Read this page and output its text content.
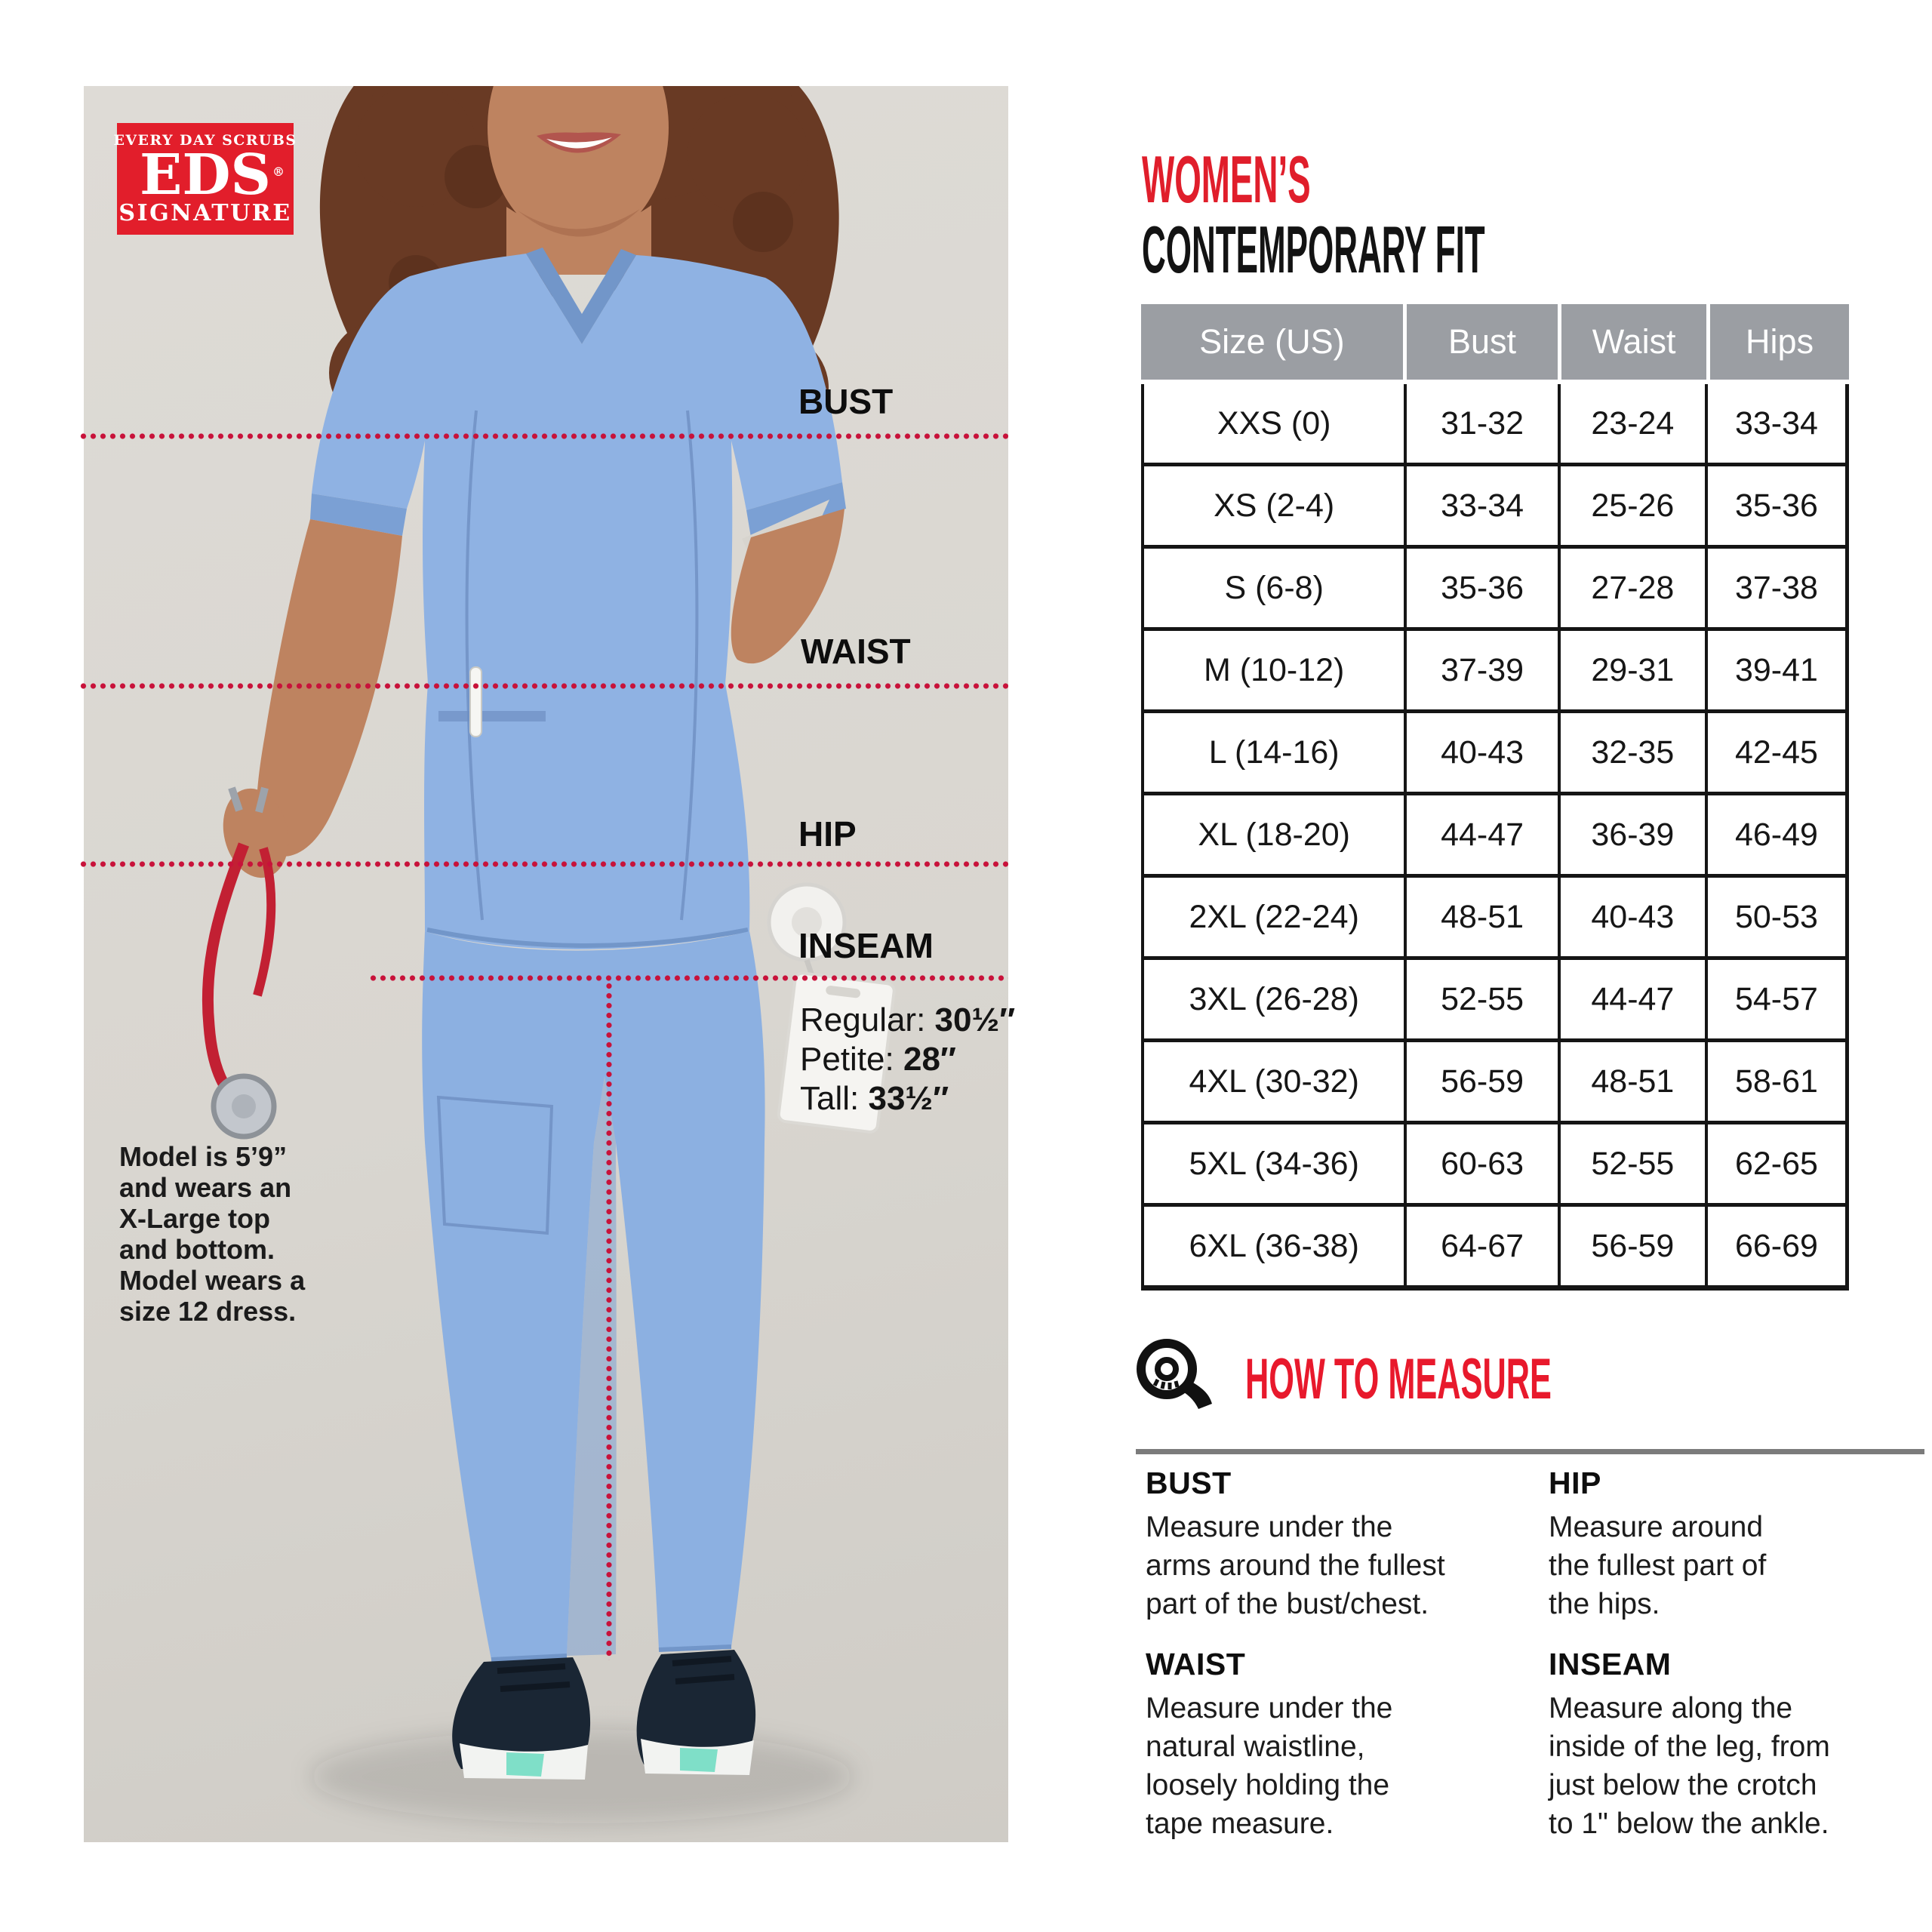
EVERY DAY SCRUBS
EDS ®
SIGNATURE
BUST
WAIST
HIP
INSEAM
Regular: 30½″
Petite: 28″
Tall: 33½″
Model is 5’9”
and wears an
X-Large top
and bottom.
Model wears a
size 12 dress.
WOMEN’S
CONTEMPORARY FIT
Size (US)	Bust	Waist	Hips
XXS (0)	31-32	23-24	33-34
XS (2-4)	33-34	25-26	35-36
S (6-8)	35-36	27-28	37-38
M (10-12)	37-39	29-31	39-41
L (14-16)	40-43	32-35	42-45
XL (18-20)	44-47	36-39	46-49
2XL (22-24)	48-51	40-43	50-53
3XL (26-28)	52-55	44-47	54-57
4XL (30-32)	56-59	48-51	58-61
5XL (34-36)	60-63	52-55	62-65
6XL (36-38)	64-67	56-59	66-69
HOW TO MEASURE
BUST
Measure under the
arms around the fullest
part of the bust/chest.
HIP
Measure around
the fullest part of
the hips.
WAIST
Measure under the
natural waistline,
loosely holding the
tape measure.
INSEAM
Measure along the
inside of the leg, from
just below the crotch
to 1" below the ankle.
